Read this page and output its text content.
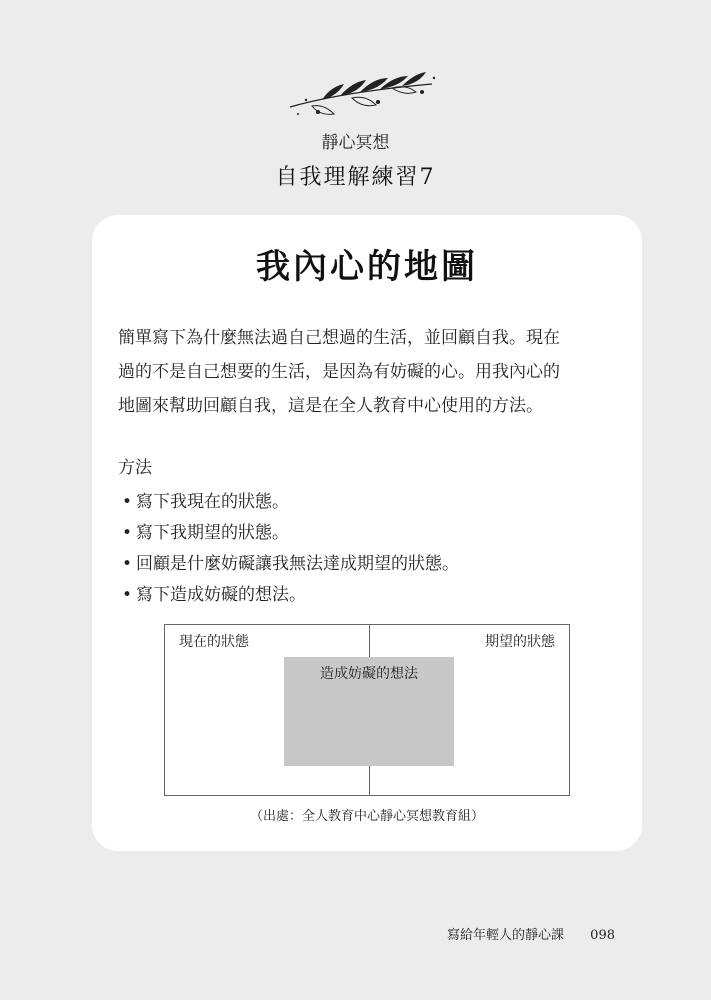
靜心冥想
自我理解練習7
我內心的地圖

簡單寫下為什麼無法過自己想過的生活，並回顧自我。現在
過的不是自己想要的生活，是因為有妨礙的心。用我內心的
地圖來幫助回顧自我，這是在全人教育中心使用的方法。

方法
• 寫下我現在的狀態。
• 寫下我期望的狀態。
• 回顧是什麼妨礙讓我無法達成期望的狀態。
• 寫下造成妨礙的想法。
現在的狀態	期望的狀態
造成妨礙的想法
（出處：全人教育中心靜心冥想教育組）
寫給年輕人的靜心課 098
